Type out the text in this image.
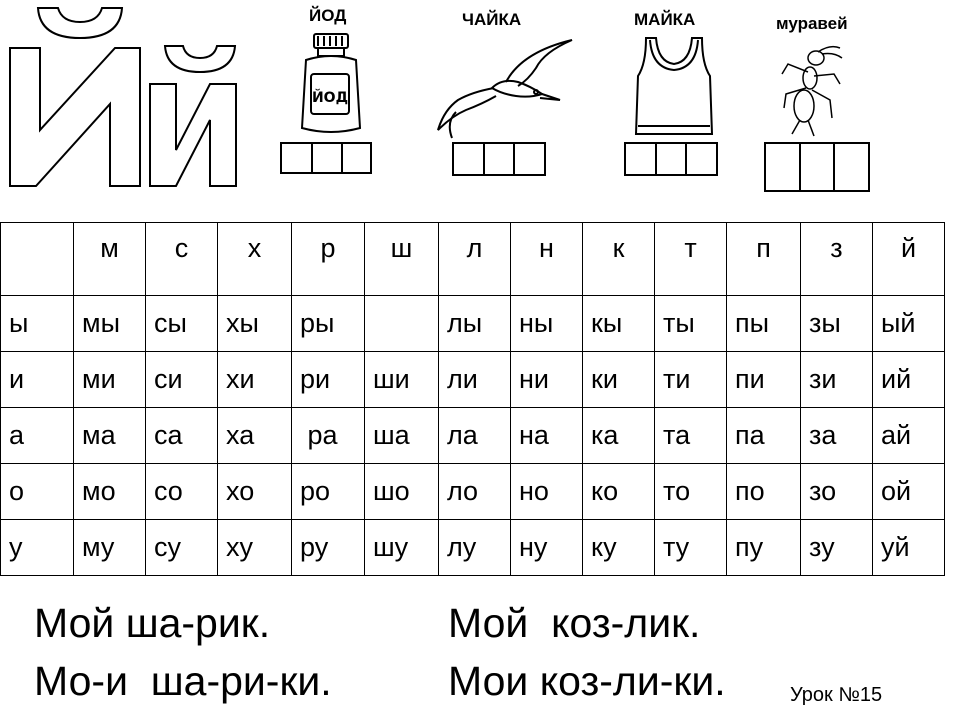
ЙОД
ЙОД
ЧАЙКА	МАЙКА	муравей
	м	с	х	р	ш	л	н	к	т	п	з	й
ы	мы	сы	хы	ры		лы	ны	кы	ты	пы	зы	ый
и	ми	си	хи	ри	ши	ли	ни	ки	ти	пи	зи	ий
а	ма	са	ха	ра	ша	ла	на	ка	та	па	за	ай
о	мо	со	хо	ро	шо	ло	но	ко	то	по	зо	ой
у	му	су	ху	ру	шу	лу	ну	ку	ту	пу	зу	уй
Мой ша-рик.
Мо-и  ша-ри-ки.
Мой  коз-лик.
Мои коз-ли-ки.	Урок №15
